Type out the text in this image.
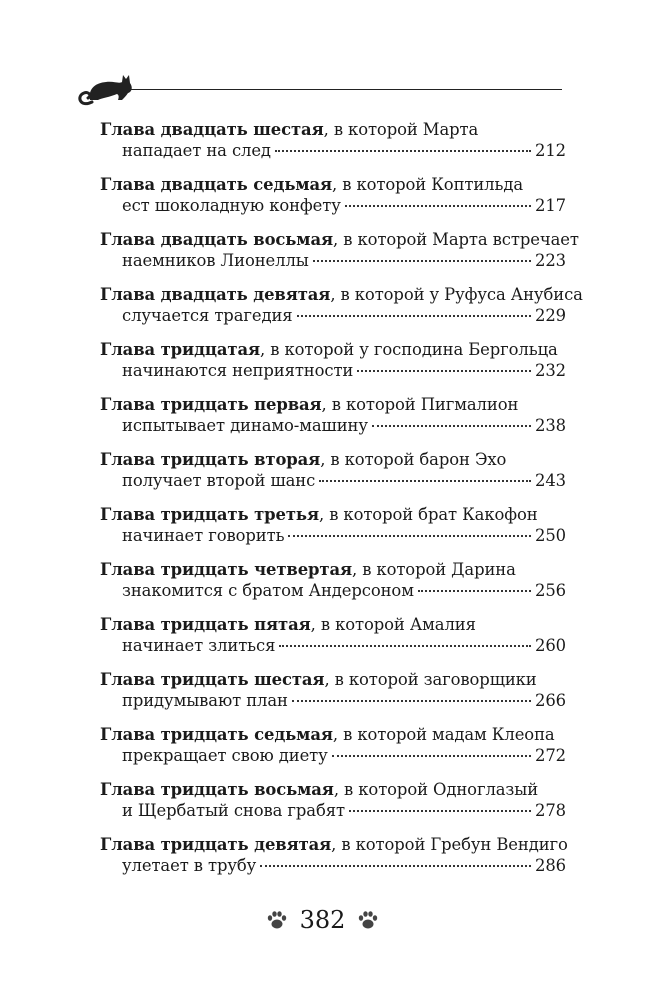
Глава двадцать шестая, в которой Марта
нападает на след	212
Глава двадцать седьмая, в которой Коптильда
ест шоколадную конфету	217
Глава двадцать восьмая, в которой Марта встречает
наемников Лионеллы	223
Глава двадцать девятая, в которой у Руфуса Анубиса
случается трагедия	229
Глава тридцатая, в которой у господина Бергольца
начинаются неприятности	232
Глава тридцать первая, в которой Пигмалион
испытывает динамо-машину	238
Глава тридцать вторая, в которой барон Эхо
получает второй шанс	243
Глава тридцать третья, в которой брат Какофон
начинает говорить	250
Глава тридцать четвертая, в которой Дарина
знакомится с братом Андерсоном	256
Глава тридцать пятая, в которой Амалия
начинает злиться	260
Глава тридцать шестая, в которой заговорщики
придумывают план	266
Глава тридцать седьмая, в которой мадам Клеопа
прекращает свою диету	272
Глава тридцать восьмая, в которой Одноглазый
и Щербатый снова грабят	278
Глава тридцать девятая, в которой Гребун Вендиго
улетает в трубу	286
382
